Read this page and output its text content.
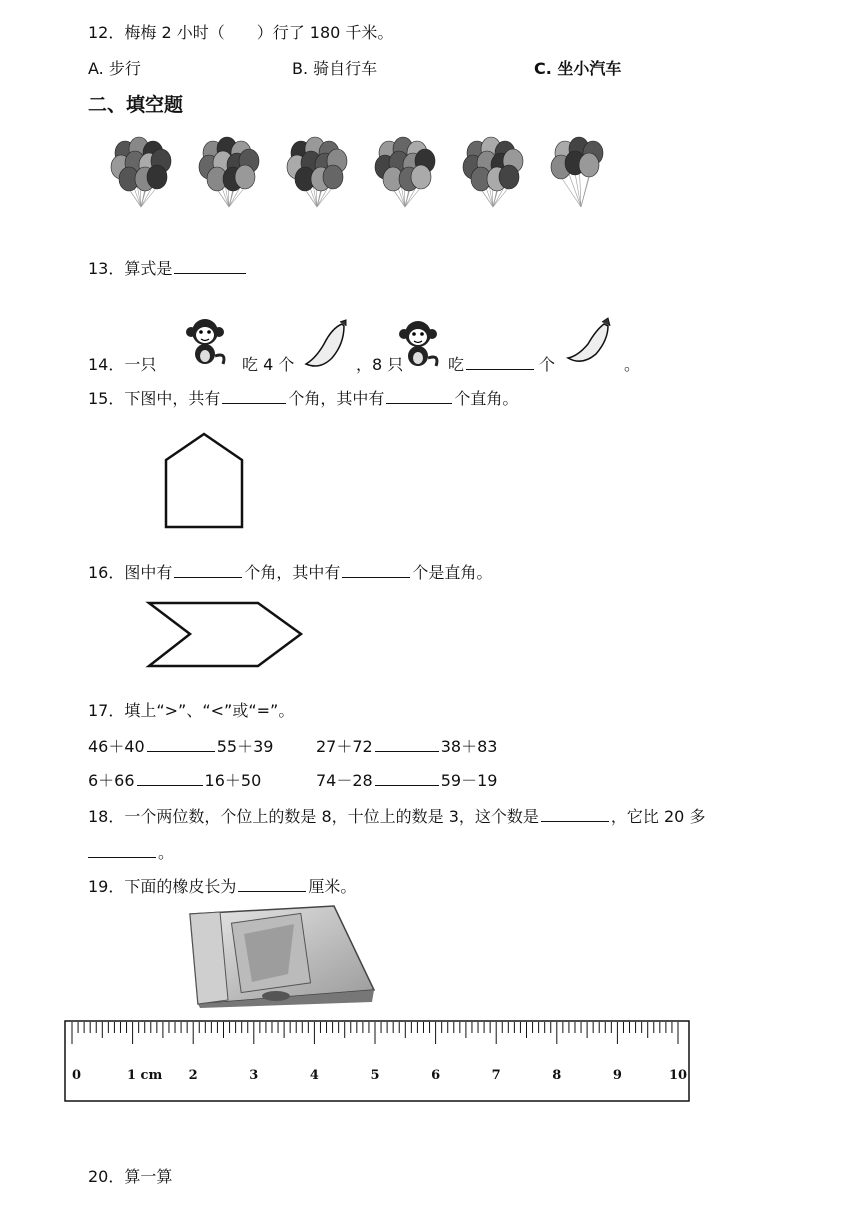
12．梅梅 2 小时（　　）行了 180 千米。
A. 步行	B. 骑自行车	C. 坐小汽车
二、填空题
13．算式是
14．一只	吃 4 个	，8 只	吃	个	。
15．下图中，共有	个角，其中有	个直角。
16．图中有	个角，其中有	个是直角。
17．填上“>”、“<”或“=”。
46＋40	55＋39	27＋72	38＋83
6＋66	16＋50	74－28	59－19
18．一个两位数，个位上的数是 8，十位上的数是 3，这个数是	，它比 20 多
。
19．下面的橡皮长为	厘米。
0	1 cm 2	3	4	5	6	7	8	9	10
20．算一算
